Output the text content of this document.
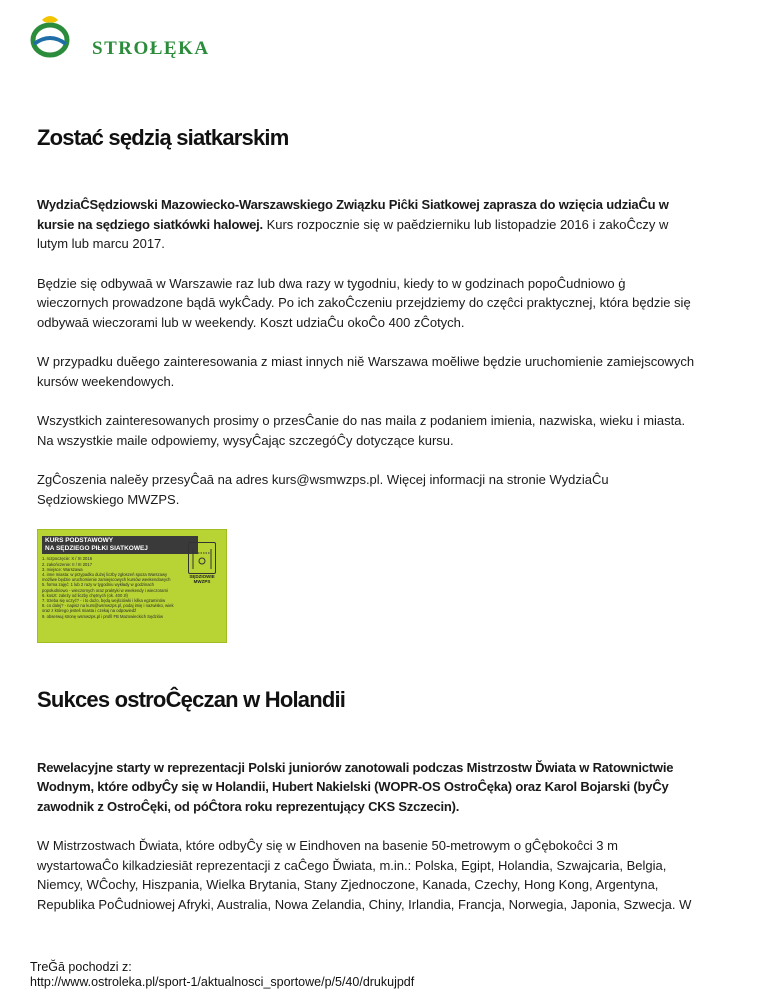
STROŁĘKA
Zostać sędzią siatkarskim

WydziaĈSędziowski Mazowiecko-Warszawskiego Związku Piĉki Siatkowej zaprasza do wzięcia udziaĈu w kursie na sędziego siatkówki halowej. Kurs rozpocznie się w paĕdzierniku lub listopadzie 2016 i zakoĈczy w lutym lub marcu 2017.

Będzie się odbywaā w Warszawie raz lub dwa razy w tygodniu, kiedy to w godzinach popoĈudniowo ġ wieczornych prowadzone bądā wykĈady. Po ich zakoĈczeniu przejdziemy do częĉci praktycznej, która będzie się odbywaā wieczorami lub w weekendy. Koszt udziaĈu okoĈo 400 zĈotych.

W przypadku duĕego zainteresowania z miast innych niĕ Warszawa moĕliwe będzie uruchomienie zamiejscowych kursów weekendowych.

Wszystkich zainteresowanych prosimy o przesĈanie do nas maila z podaniem imienia, nazwiska, wieku i miasta. Na wszystkie maile odpowiemy, wysyĈając szczegóĈy dotyczące kursu.

ZgĈoszenia naleĕy przesyĈaā na adres kurs@wsmwzps.pl. Więcej informacji na stronie WydziaĈu Sędziowskiego MWZPS.

KURS PODSTAWOWY
NA SĘDZIEGO PIŁKI SIATKOWEJ
1. rozpoczęcie: X / XI 2016
2. zakończenie: II / III 2017
3. miejsce: Warszawa
4. inne miasta: w przypadku dużej liczby zgłoszeń spoza Warszawy
możliwe będzie uruchomienie zamiejscowych kursów weekendowych
5. forma zajęć: 1 lub 2 razy w tygodniu wykłady w godzinach
popołudniowo - wieczornych oraz praktyki w weekendy i wieczorami
6. koszt: zależy od liczby chętnych (ok. 400 zł)
7. trzeba się uczyć? - i to dużo, będą wejściówki i kilka egzaminów
8. co dalej? - napisz na kurs@wsmwzps.pl, podaj imię i nazwisko, wiek
oraz z którego jesteś miasta i czekaj na odpowiedź
9. obserwuj stronę wsmwzps.pl i profil FB Mazowieckich Sędziów
SĘDZIOWIE MWZPS
Sukces ostroĈęczan w Holandii

Rewelacyjne starty w reprezentacji Polski juniorów zanotowali podczas Mistrzostw Ďwiata w Ratownictwie Wodnym, które odbyĈy się w Holandii, Hubert Nakielski (WOPR-OS OstroĈęka) oraz Karol Bojarski (byĈy zawodnik z OstroĈęki, od póĈtora roku reprezentujący CKS Szczecin).

W Mistrzostwach Ďwiata, które odbyĈy się w Eindhoven na basenie 50-metrowym o gĈębokoĉci 3 m wystartowaĈo kilkadziesiāt reprezentacji z caĈego Ďwiata, m.in.: Polska, Egipt, Holandia, Szwajcaria, Belgia, Niemcy, WĈochy, Hiszpania, Wielka Brytania, Stany Zjednoczone, Kanada, Czechy, Hong Kong, Argentyna, Republika PoĈudniowej Afryki, Australia, Nowa Zelandia, Chiny, Irlandia, Francja, Norwegia, Japonia, Szwecja. W

TreĞā pochodzi z:
http://www.ostroleka.pl/sport-1/aktualnosci_sportowe/p/5/40/drukujpdf
